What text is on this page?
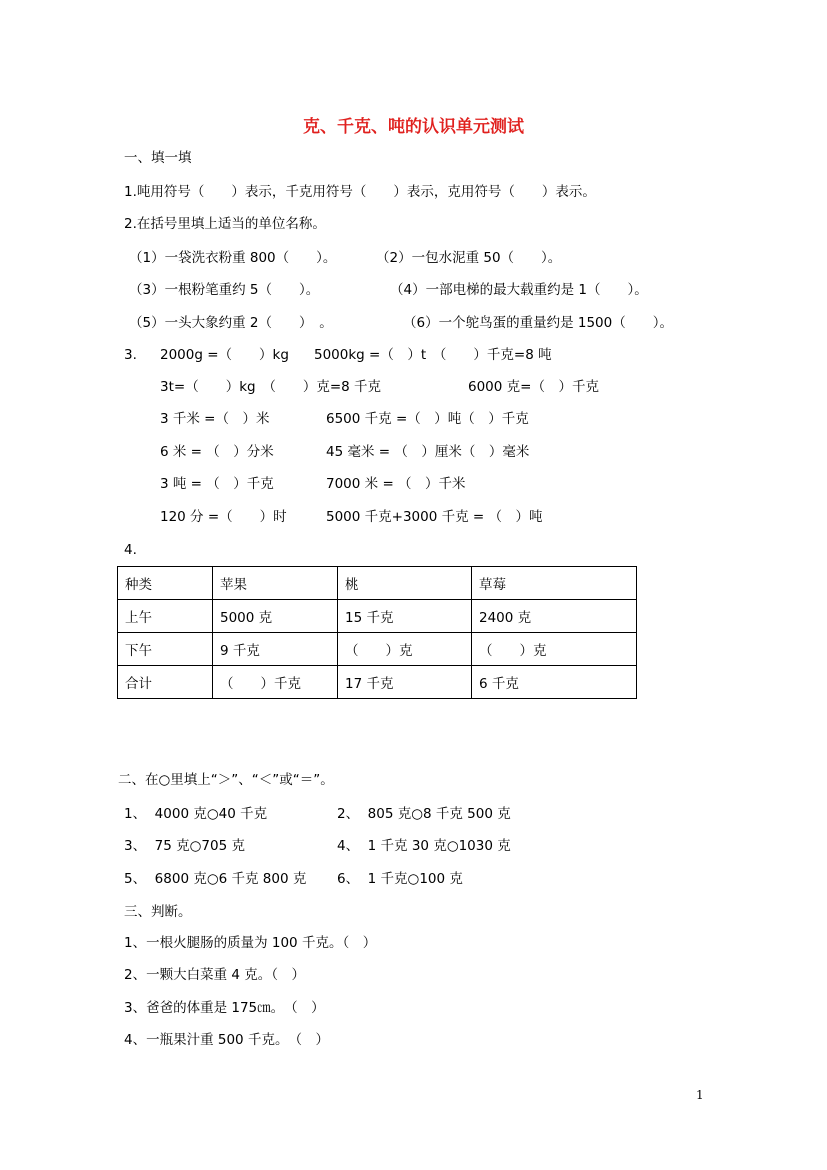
克、千克、吨的认识单元测试
一、填一填
1.吨用符号（　　）表示，千克用符号（　　）表示，克用符号（　　）表示。
2.在括号里填上适当的单位名称。
（1）一袋洗衣粉重 800（　　）。	（2）一包水泥重 50（　　）。
（3）一根粉笔重约 5（　　）。	（4）一部电梯的最大载重约是 1（　　）。
（5）一头大象约重 2（　　）　。	（6）一个鸵鸟蛋的重量约是 1500（　　）。
3. 2000g =（　　）kg 5000kg =（　）t　（　　）千克=8 吨
3t=（　　）kg　（　　）克=8 千克	6000 克=（　）千克
3 千米 =（　）米	6500 千克 =（　）吨（　）千克
6 米 = （　）分米	45 毫米 = （　）厘米（　）毫米
3 吨 = （　）千克	7000 米 = （　）千米
120 分 =（　　）时	5000 千克+3000 千克 = （　）吨
4.
种类	苹果	桃	草莓
上午	5000 克	15 千克	2400 克
下午	9 千克	（　　）克	（　　）克
合计	（　　）千克	17 千克	6 千克
二、在○里填上“＞”、“＜”或“＝”。
1、  4000 克○40 千克	2、  805 克○8 千克 500 克
3、  75 克○705 克	4、  1 千克 30 克○1030 克
5、  6800 克○6 千克 800 克 6、  1 千克○100 克
三、判断。
1、一根火腿肠的质量为 100 千克。（　）
2、一颗大白菜重 4 克。（　）
3、爸爸的体重是 175㎝。　（　）
4、一瓶果汁重 500 千克。　（　）
1
